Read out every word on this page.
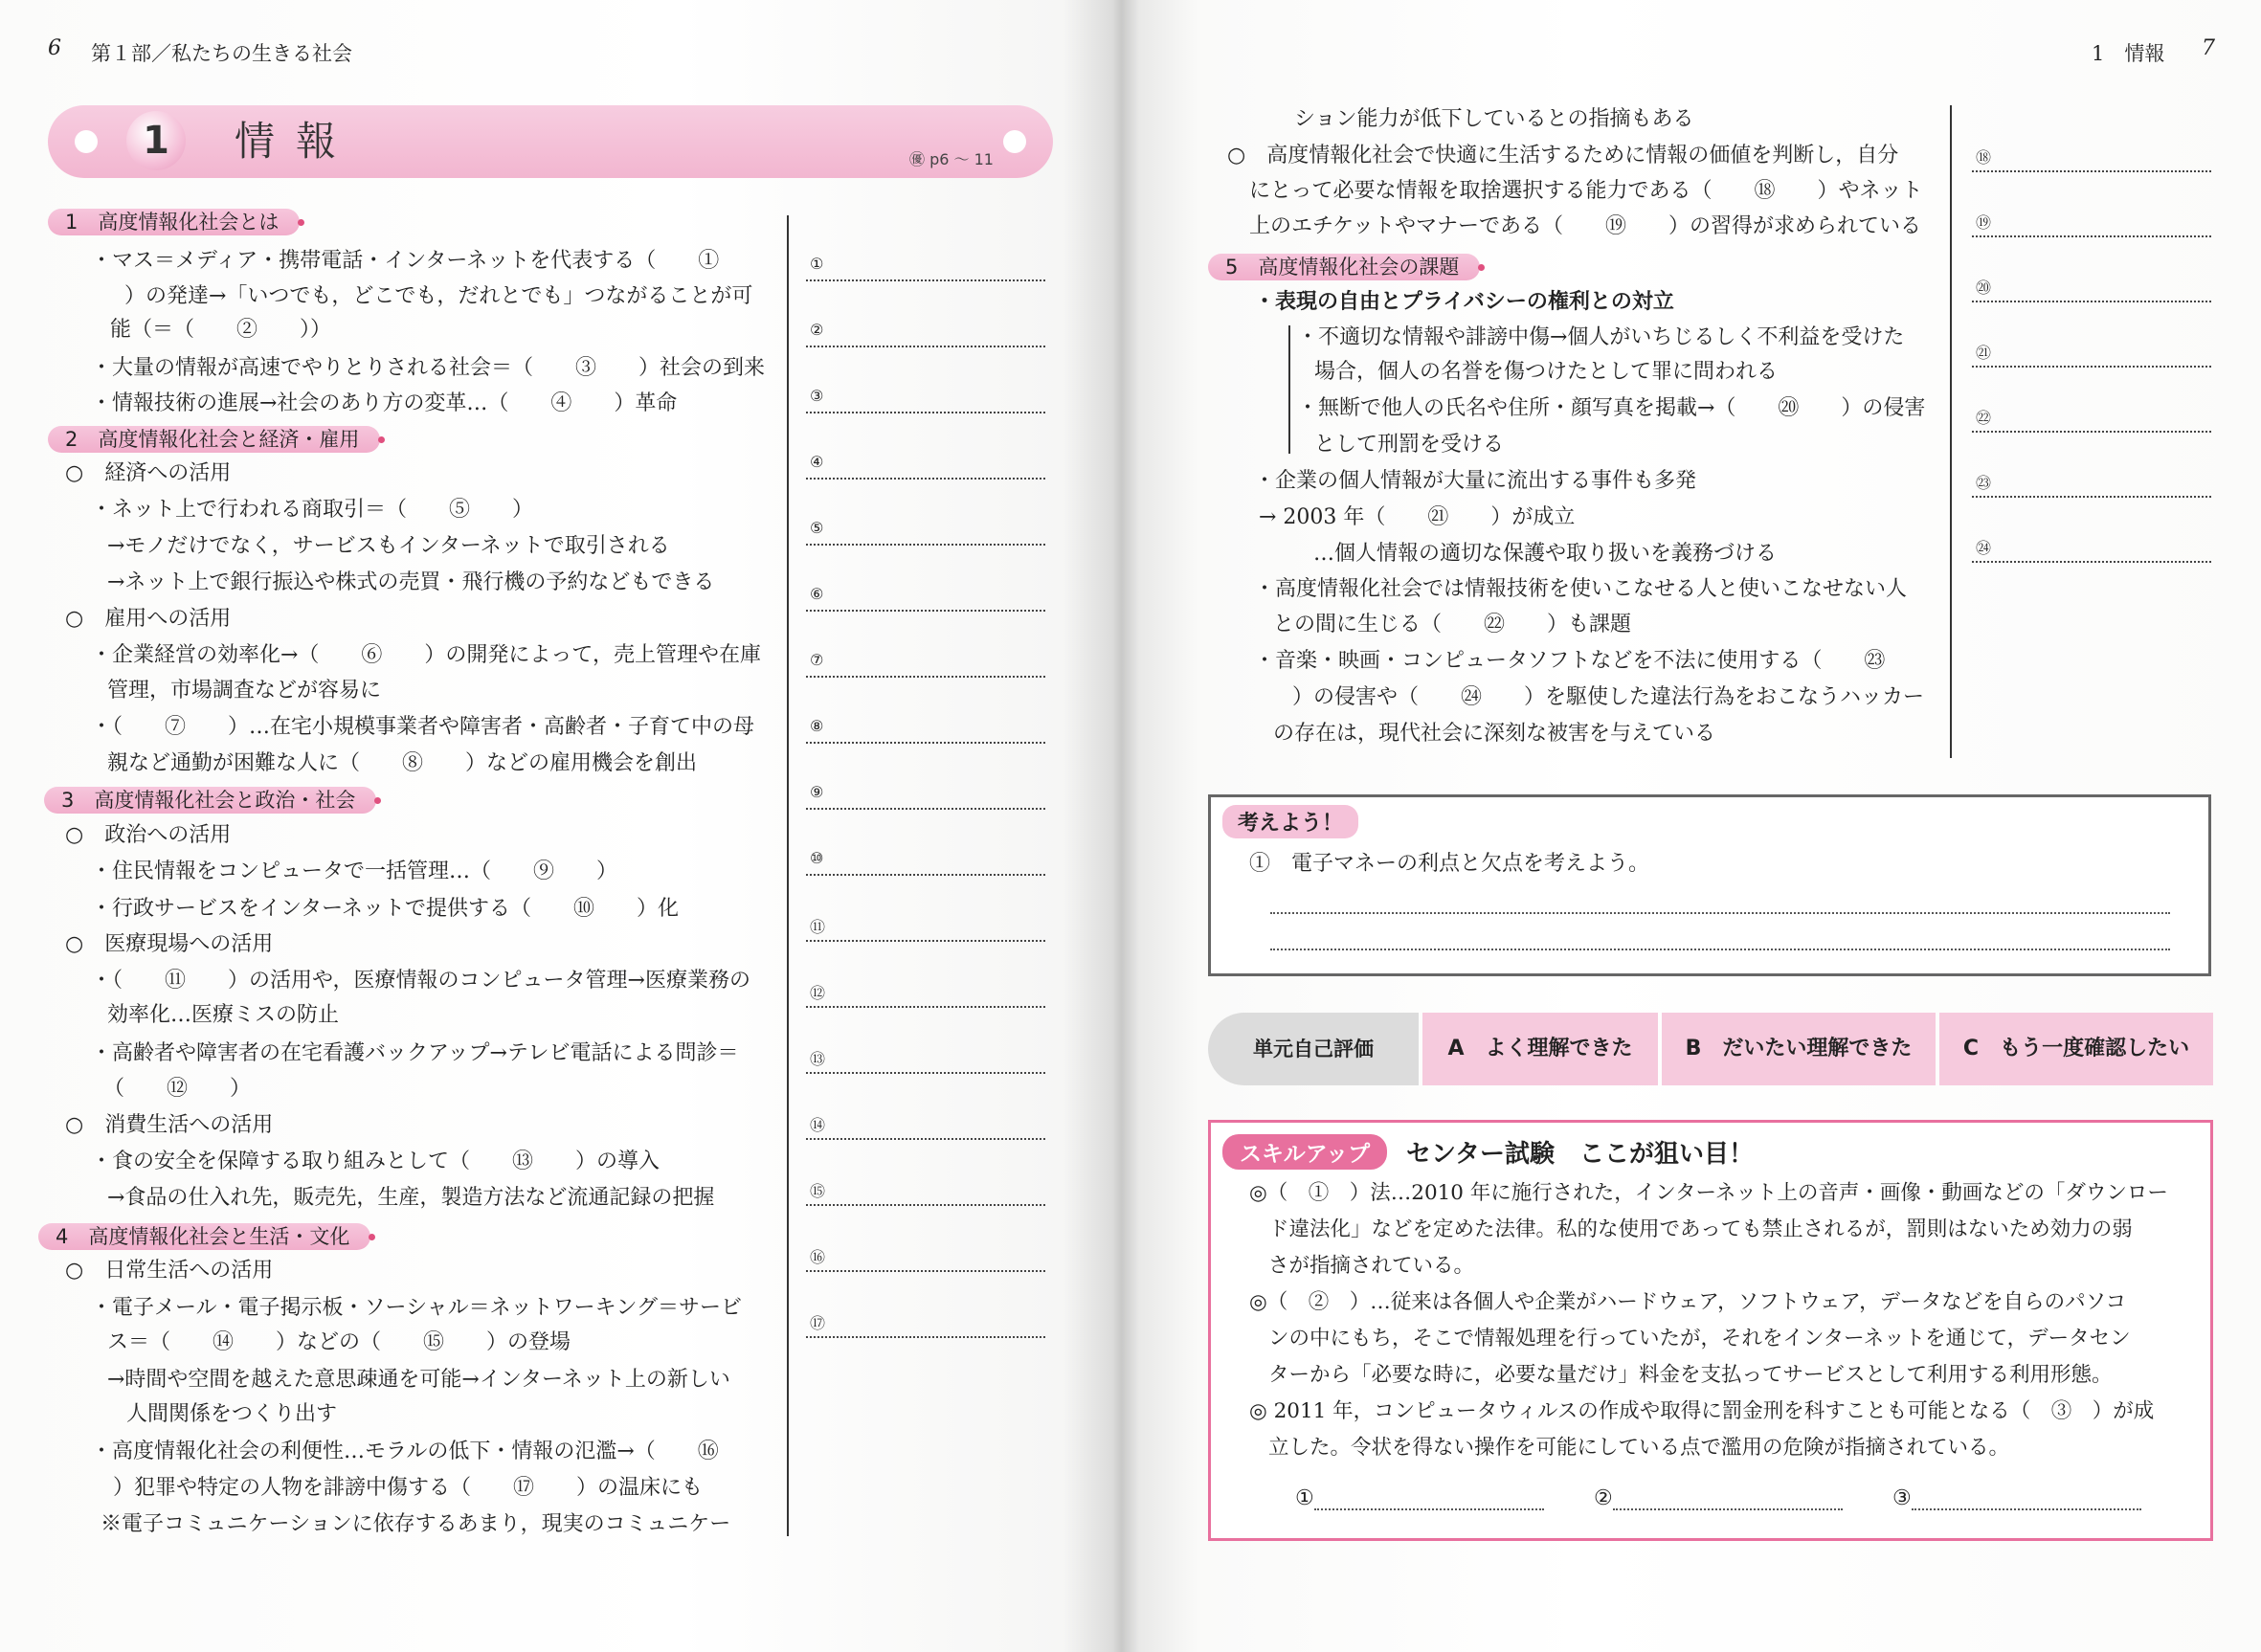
6 第１部／私たちの生きる社会
1	情報	㊝ p6 ～ 11
1　高度情報化社会とは
2　高度情報化社会と経済・雇用
3　高度情報化社会と政治・社会
4　高度情報化社会と生活・文化
・マス＝メディア・携帯電話・インターネットを代表する（　　①
）の発達→「いつでも，どこでも，だれとでも」つながることが可
能（＝（　　②　　））
・大量の情報が高速でやりとりされる社会＝（　　③　　）社会の到来
・情報技術の進展→社会のあり方の変革…（　　④　　）革命
○　経済への活用
・ネット上で行われる商取引＝（　　⑤　　）
→モノだけでなく，サービスもインターネットで取引される
→ネット上で銀行振込や株式の売買・飛行機の予約などもできる
○　雇用への活用
・企業経営の効率化→（　　⑥　　）の開発によって，売上管理や在庫
管理，市場調査などが容易に
・（　　⑦　　）…在宅小規模事業者や障害者・高齢者・子育て中の母
親など通勤が困難な人に（　　⑧　　）などの雇用機会を創出
○　政治への活用
・住民情報をコンピュータで一括管理…（　　⑨　　）
・行政サービスをインターネットで提供する（　　⑩　　）化
○　医療現場への活用
・（　　⑪　　）の活用や，医療情報のコンピュータ管理→医療業務の
効率化…医療ミスの防止
・高齢者や障害者の在宅看護バックアップ→テレビ電話による問診＝
（　　⑫　　）
○　消費生活への活用
・食の安全を保障する取り組みとして（　　⑬　　）の導入
→食品の仕入れ先，販売先，生産，製造方法など流通記録の把握
○　日常生活への活用
・電子メール・電子掲示板・ソーシャル＝ネットワーキング＝サービ
ス＝（　　⑭　　）などの（　　⑮　　）の登場
→時間や空間を越えた意思疎通を可能→インターネット上の新しい
人間関係をつくり出す
・高度情報化社会の利便性…モラルの低下・情報の氾濫→（　　⑯
）犯罪や特定の人物を誹謗中傷する（　　⑰　　）の温床にも
※電子コミュニケーションに依存するあまり，現実のコミュニケー
①
②
③
④
⑤
⑥
⑦
⑧
⑨
⑩
⑪
⑫
⑬
⑭
⑮
⑯
⑰
1　情報 7
ション能力が低下しているとの指摘もある
○　高度情報化社会で快適に生活するために情報の価値を判断し，自分
にとって必要な情報を取捨選択する能力である（　　⑱　　）やネット
上のエチケットやマナーである（　　⑲　　）の習得が求められている
5　高度情報化社会の課題
・表現の自由とプライバシーの権利との対立
・不適切な情報や誹謗中傷→個人がいちじるしく不利益を受けた
場合，個人の名誉を傷つけたとして罪に問われる
・無断で他人の氏名や住所・顔写真を掲載→（　　⑳　　）の侵害
として刑罰を受ける
・企業の個人情報が大量に流出する事件も多発
→ 2003 年（　　㉑　　）が成立
…個人情報の適切な保護や取り扱いを義務づける
・高度情報化社会では情報技術を使いこなせる人と使いこなせない人
との間に生じる（　　㉒　　）も課題
・音楽・映画・コンピュータソフトなどを不法に使用する（　　㉓
）の侵害や（　　㉔　　）を駆使した違法行為をおこなうハッカー
の存在は，現代社会に深刻な被害を与えている
⑱
⑲
⑳
㉑
㉒
㉓
㉔
考えよう！
①　電子マネーの利点と欠点を考えよう。
単元自己評価	A　よく理解できた	B　だいたい理解できた	C　もう一度確認したい
スキルアップ	センター試験　ここが狙い目！
◎（　①　）法…2010 年に施行された，インターネット上の音声・画像・動画などの「ダウンロー
ド違法化」などを定めた法律。私的な使用であっても禁止されるが，罰則はないため効力の弱
さが指摘されている。
◎（　②　）…従来は各個人や企業がハードウェア，ソフトウェア，データなどを自らのパソコ
ンの中にもち，そこで情報処理を行っていたが，それをインターネットを通じて，データセン
ターから「必要な時に，必要な量だけ」料金を支払ってサービスとして利用する利用形態。
◎ 2011 年，コンピュータウィルスの作成や取得に罰金刑を科すことも可能となる（　③　）が成
立した。令状を得ない操作を可能にしている点で濫用の危険が指摘されている。
①	②	③
